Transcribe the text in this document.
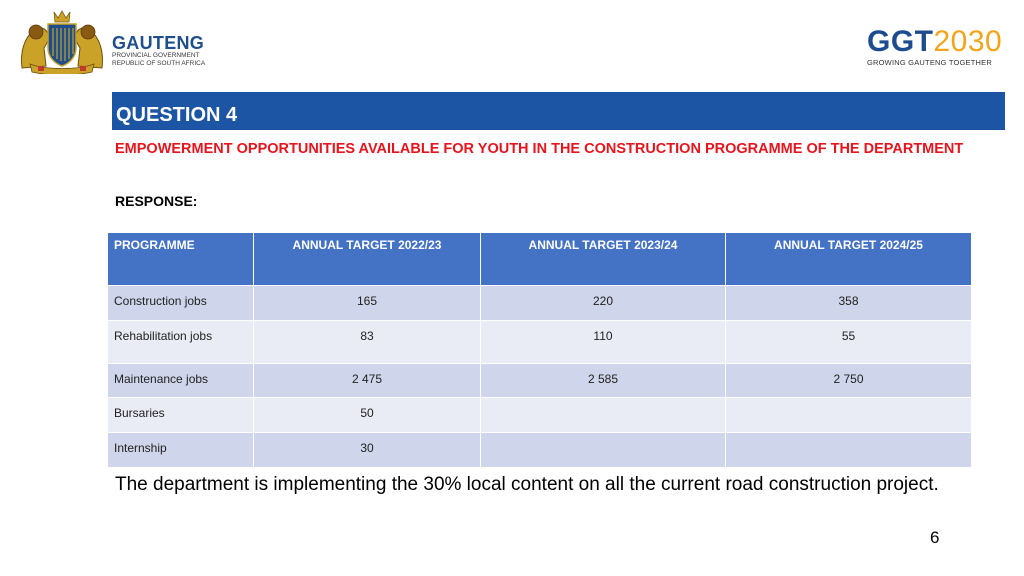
GAUTENG
PROVINCIAL GOVERNMENT
REPUBLIC OF SOUTH AFRICA
GGT2030
GROWING GAUTENG TOGETHER
QUESTION 4
EMPOWERMENT OPPORTUNITIES AVAILABLE FOR YOUTH IN THE CONSTRUCTION PROGRAMME OF THE DEPARTMENT
RESPONSE:
PROGRAMME	ANNUAL TARGET 2022/23	ANNUAL TARGET 2023/24	ANNUAL TARGET 2024/25
Construction jobs	165	220	358
Rehabilitation jobs	83	110	55
Maintenance jobs	2 475	2 585	2 750
Bursaries	50		
Internship	30		
The department is implementing the 30% local content on all the current road construction project.
6
